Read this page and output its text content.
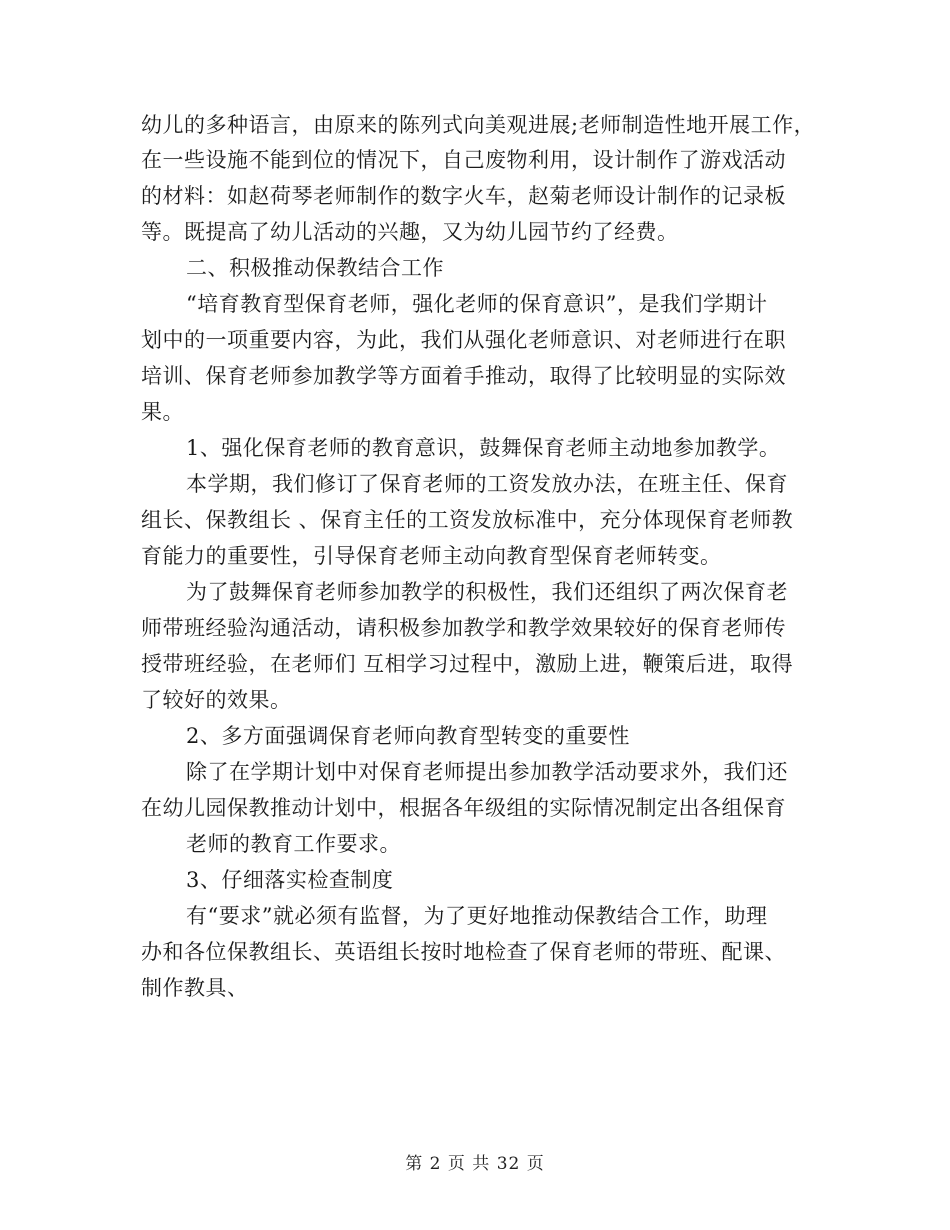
幼儿的多种语言，由原来的陈列式向美观进展;老师制造性地开展工作，
在一些设施不能到位的情况下，自己废物利用，设计制作了游戏活动
的材料：如赵荷琴老师制作的数字火车，赵菊老师设计制作的记录板
等。既提高了幼儿活动的兴趣，又为幼儿园节约了经费。
二、积极推动保教结合工作
“培育教育型保育老师，强化老师的保育意识”，是我们学期计
划中的一项重要内容，为此，我们从强化老师意识、对老师进行在职
培训、保育老师参加教学等方面着手推动，取得了比较明显的实际效
果。
1、强化保育老师的教育意识，鼓舞保育老师主动地参加教学。
本学期，我们修订了保育老师的工资发放办法，在班主任、保育
组长、保教组长 、保育主任的工资发放标准中，充分体现保育老师教
育能力的重要性，引导保育老师主动向教育型保育老师转变。
为了鼓舞保育老师参加教学的积极性，我们还组织了两次保育老
师带班经验沟通活动，请积极参加教学和教学效果较好的保育老师传
授带班经验，在老师们 互相学习过程中，激励上进，鞭策后进，取得
了较好的效果。
2、多方面强调保育老师向教育型转变的重要性
除了在学期计划中对保育老师提出参加教学活动要求外，我们还
在幼儿园保教推动计划中，根据各年级组的实际情况制定出各组保育
老师的教育工作要求。
3、仔细落实检查制度
有“要求”就必须有监督，为了更好地推动保教结合工作，助理
办和各位保教组长、英语组长按时地检查了保育老师的带班、配课、
制作教具、
第 2 页 共 32 页
